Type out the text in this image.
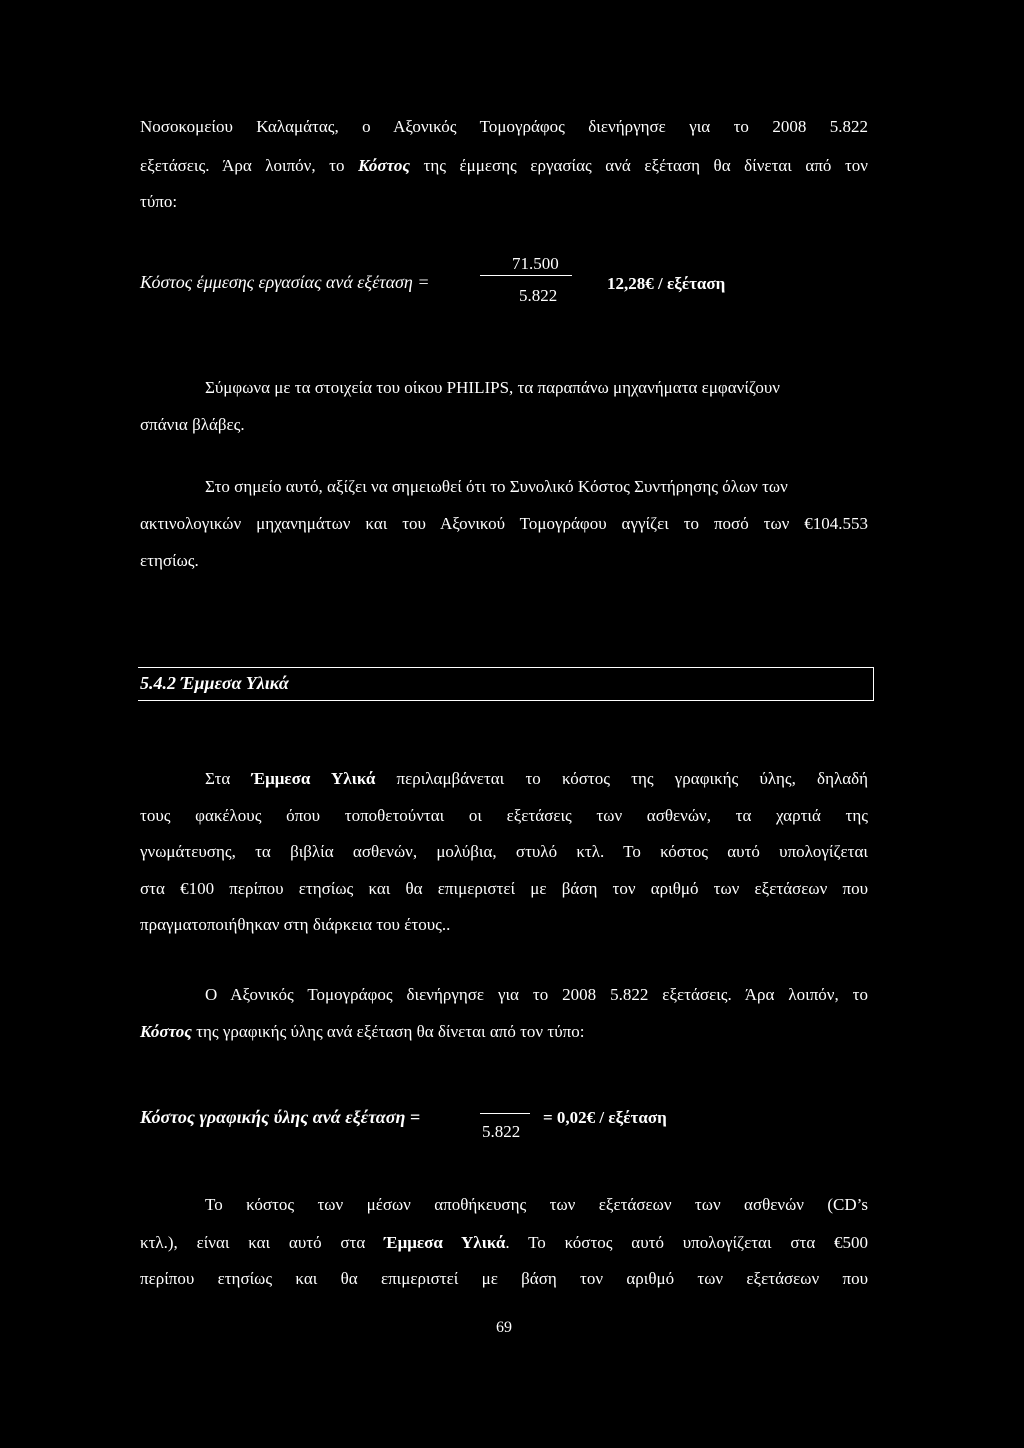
Νοσοκομείου Καλαμάτας, ο Αξονικός Τομογράφος διενήργησε για το 2008 5.822
εξετάσεις. Άρα λοιπόν, το Κόστος της έμμεσης εργασίας ανά εξέταση θα δίνεται από τον
τύπο:
Κόστος έμμεσης εργασίας ανά εξέταση =
71.500
5.822
12,28€ / εξέταση
Σύμφωνα με τα στοιχεία του οίκου PHILIPS, τα παραπάνω μηχανήματα εμφανίζουν
σπάνια βλάβες.
Στο σημείο αυτό, αξίζει να σημειωθεί ότι το Συνολικό Κόστος Συντήρησης όλων των
ακτινολογικών μηχανημάτων και του Αξονικού Τομογράφου αγγίζει το ποσό των €104.553
ετησίως.
5.4.2 Έμμεσα Υλικά
Στα Έμμεσα Υλικά περιλαμβάνεται το κόστος της γραφικής ύλης, δηλαδή
τους φακέλους όπου τοποθετούνται οι εξετάσεις των ασθενών, τα χαρτιά της
γνωμάτευσης, τα βιβλία ασθενών, μολύβια, στυλό κτλ. Το κόστος αυτό υπολογίζεται
στα €100 περίπου ετησίως και θα επιμεριστεί με βάση τον αριθμό των εξετάσεων που
πραγματοποιήθηκαν στη διάρκεια του έτους..
Ο Αξονικός Τομογράφος διενήργησε για το 2008 5.822 εξετάσεις. Άρα λοιπόν, το
Κόστος της γραφικής ύλης ανά εξέταση θα δίνεται από τον τύπο:
Κόστος γραφικής ύλης ανά εξέταση =
5.822
= 0,02€ / εξέταση
Το κόστος των μέσων αποθήκευσης των εξετάσεων των ασθενών (CD’s
κτλ.), είναι και αυτό στα Έμμεσα Υλικά. Το κόστος αυτό υπολογίζεται στα €500
περίπου ετησίως και θα επιμεριστεί με βάση τον αριθμό των εξετάσεων που
69
